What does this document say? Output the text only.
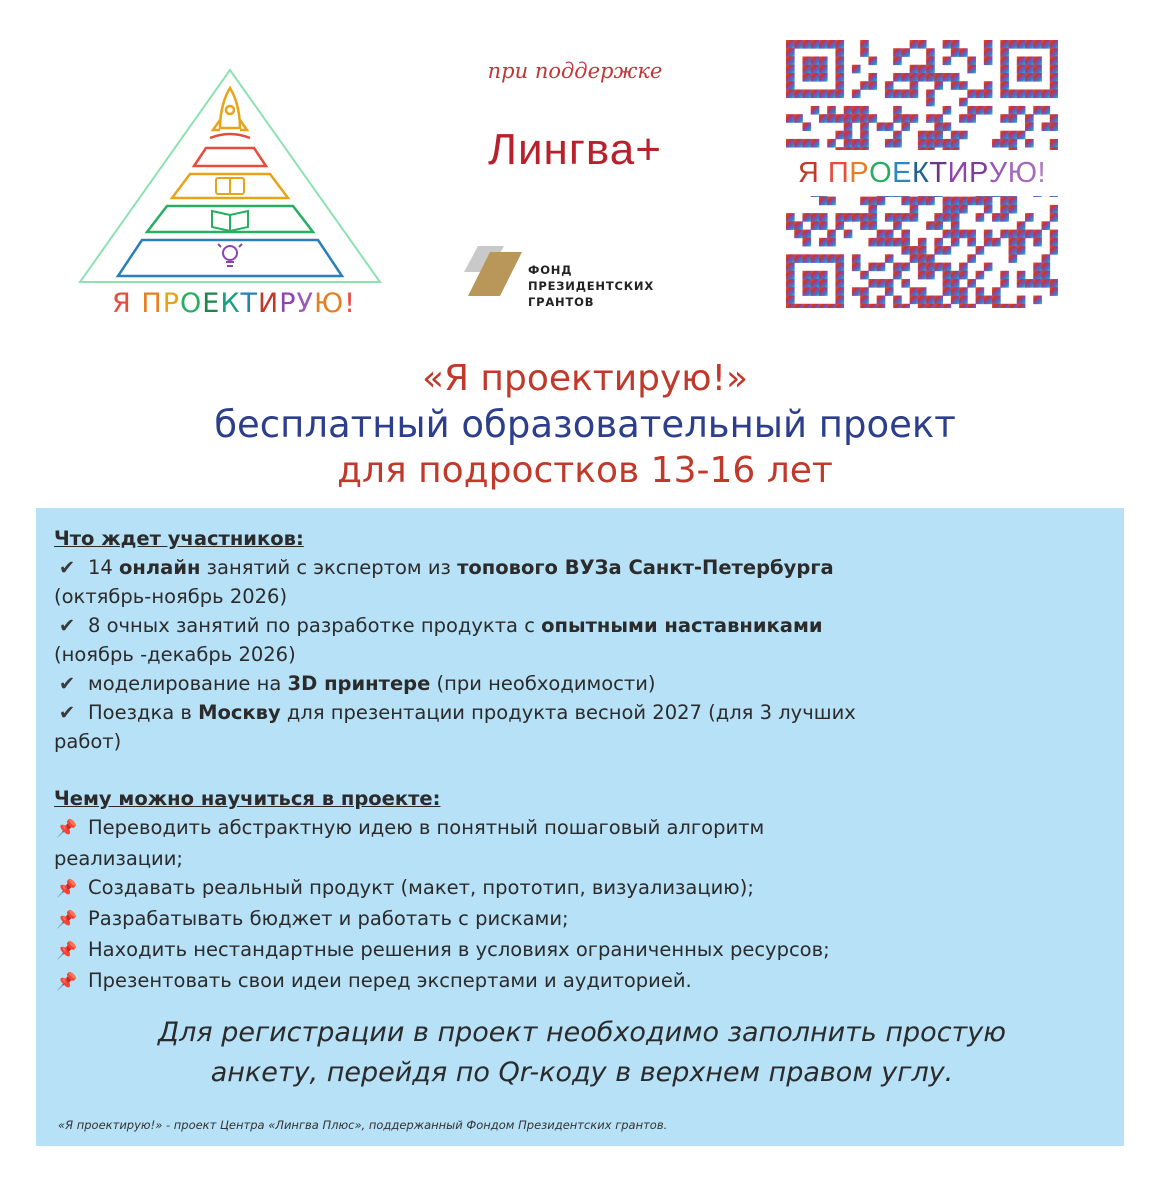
Я ПРОЕКТИРУЮ!
при поддержке
Лингва+
ФОНД
ПРЕЗИДЕНТСКИХ
ГРАНТОВ
Я
П Р О Е К Т И Р У Ю !
«Я проектирую!»
бесплатный образовательный проект
для подростков 13-16 лет
Что ждет участников:
✔ 14 онлайн занятий с экспертом из топового ВУЗа Санкт-Петербурга
(октябрь-ноябрь 2026)
✔ 8 очных занятий по разработке продукта с опытными наставниками
(ноябрь -декабрь 2026)
✔ моделирование на 3D принтере (при необходимости)
✔ Поездка в Москву для презентации продукта весной 2027 (для 3 лучших
работ)
Чему можно научиться в проекте:
📌 Переводить абстрактную идею в понятный пошаговый алгоритм
реализации;
📌 Создавать реальный продукт (макет, прототип, визуализацию);
📌 Разрабатывать бюджет и работать с рисками;
📌 Находить нестандартные решения в условиях ограниченных ресурсов;
📌 Презентовать свои идеи перед экспертами и аудиторией.
Для регистрации в проект необходимо заполнить простую
анкету, перейдя по Qr-коду в верхнем правом углу.
«Я проектирую!» - проект Центра «Лингва Плюс», поддержанный Фондом Президентских грантов.
